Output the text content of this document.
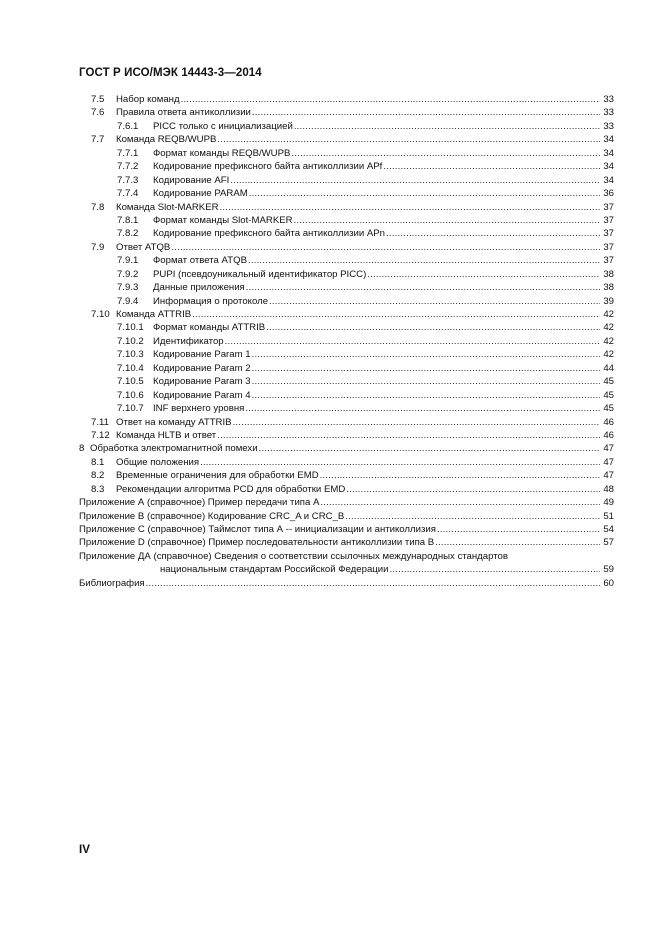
ГОСТ Р ИСО/МЭК 14443-3—2014
7.5	Набор команд .....	33
7.6	Правила ответа антиколлизии .....	33
7.6.1	PICC только с инициализацией .....	33
7.7	Команда REQB/WUPB .....	34
7.7.1	Формат команды REQB/WUPB .....	34
7.7.2	Кодирование префиксного байта антиколлизии APf .....	34
7.7.3	Кодирование AFI .....	34
7.7.4	Кодирование PARAM .....	36
7.8	Команда Slot-MARKER .....	37
7.8.1	Формат команды Slot-MARKER .....	37
7.8.2	Кодирование префиксного байта антиколлизии APn .....	37
7.9	Ответ ATQB .....	37
7.9.1	Формат ответа ATQB .....	37
7.9.2	PUPI (псевдоуникальный идентификатор PICC) .....	38
7.9.3	Данные приложения .....	38
7.9.4	Информация о протоколе .....	39
7.10 Команда ATTRIB .....	42
7.10.1 Формат команды ATTRIB .....	42
7.10.2 Идентификатор .....	42
7.10.3 Кодирование Param 1 .....	42
7.10.4 Кодирование Param 2 .....	44
7.10.5 Кодирование Param 3 .....	45
7.10.6 Кодирование Param 4 .....	45
7.10.7 INF верхнего уровня .....	45
7.11 Ответ на команду ATTRIB .....	46
7.12 Команда HLTB и ответ .....	46
8 Обработка электромагнитной помехи .....	47
8.1	Общие положения .....	47
8.2	Временные ограничения для обработки EMD .....	47
8.3	Рекомендации алгоритма PCD для обработки EMD .....	48
Приложение А (справочное) Пример передачи типа А .....	49
Приложение В (справочное) Кодирование CRC_A и CRC_B .....	51
Приложение С (справочное) Таймслот типа А -- инициализации и антиколлизия .....	54
Приложение D (справочное) Пример последовательности антиколлизии типа В .....	57
Приложение ДА (справочное) Сведения о соответствии ссылочных международных стандартов
национальным стандартам Российской Федерации .....	59
Библиография .....	60
IV
